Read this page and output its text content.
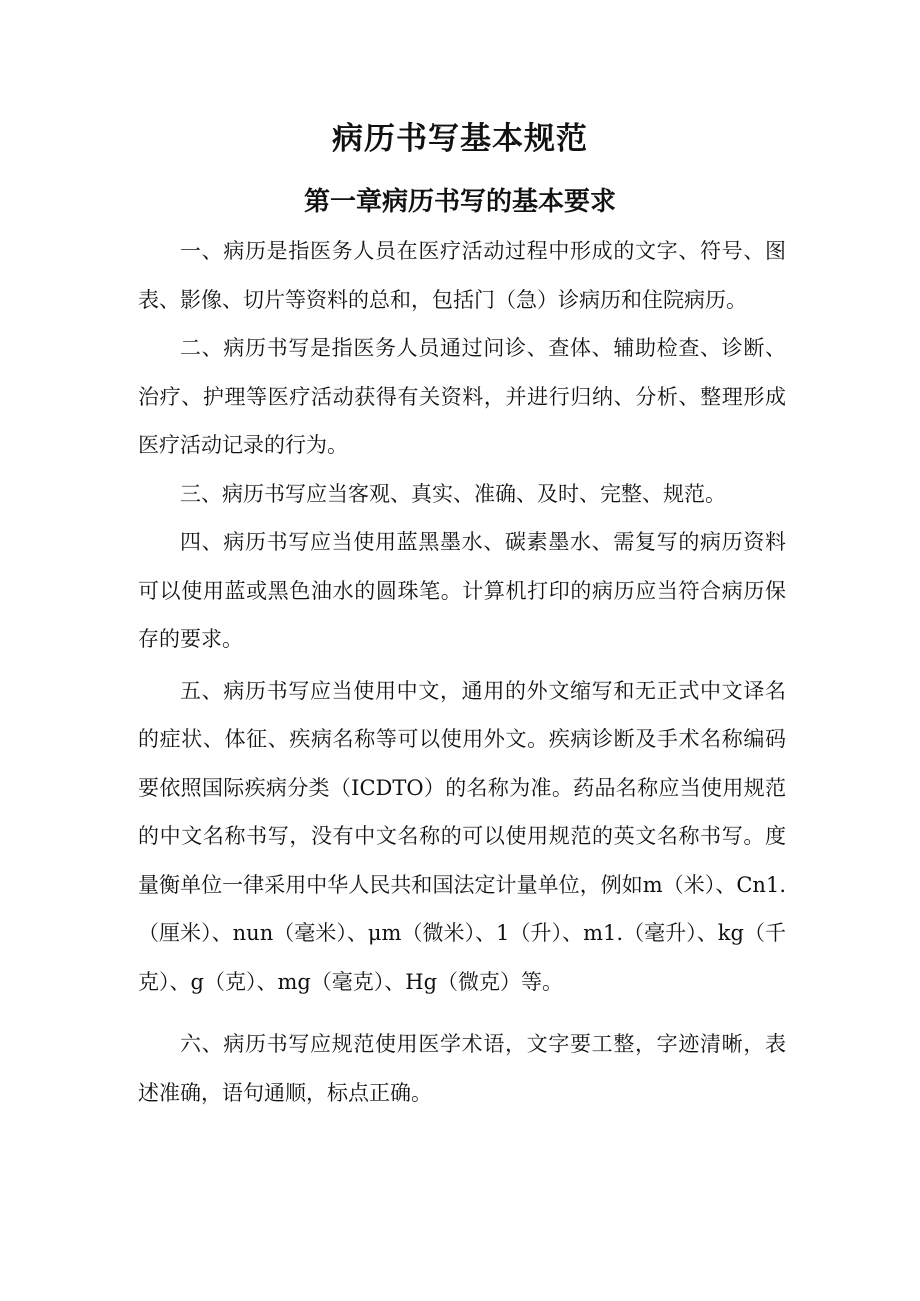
病历书写基本规范
第一章病历书写的基本要求

一、病历是指医务人员在医疗活动过程中形成的文字、符号、图表、影像、切片等资料的总和，包括门（急）诊病历和住院病历。

二、病历书写是指医务人员通过问诊、查体、辅助检查、诊断、治疗、护理等医疗活动获得有关资料，并进行归纳、分析、整理形成医疗活动记录的行为。

三、病历书写应当客观、真实、准确、及时、完整、规范。

四、病历书写应当使用蓝黑墨水、碳素墨水、需复写的病历资料可以使用蓝或黑色油水的圆珠笔。计算机打印的病历应当符合病历保存的要求。

五、病历书写应当使用中文，通用的外文缩写和无正式中文译名的症状、体征、疾病名称等可以使用外文。疾病诊断及手术名称编码要依照国际疾病分类（ICDTO）的名称为准。药品名称应当使用规范的中文名称书写，没有中文名称的可以使用规范的英文名称书写。度量衡单位一律采用中华人民共和国法定计量单位，例如m（米）、Cn1.（厘米）、nun（毫米）、μm（微米）、1（升）、m1.（毫升）、kg（千克）、g（克）、mg（毫克）、Hg（微克）等。

六、病历书写应规范使用医学术语，文字要工整，字迹清晰，表述准确，语句通顺，标点正确。
